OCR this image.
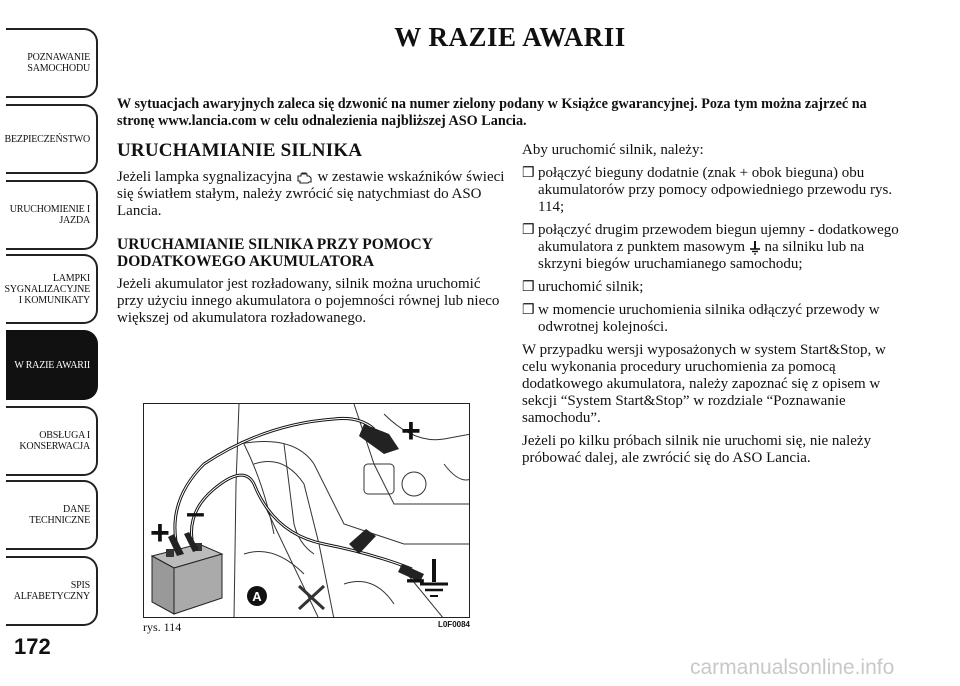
POZNAWANIE
SAMOCHODU
BEZPIECZEŃSTWO
URUCHOMIENIE I
JAZDA
LAMPKI
SYGNALIZACYJNE
I KOMUNIKATY
W RAZIE AWARII
OBSŁUGA I
KONSERWACJA
DANE
TECHNICZNE
SPIS
ALFABETYCZNY
172
W RAZIE AWARII
W sytuacjach awaryjnych zaleca się dzwonić na numer zielony podany w Książce gwarancyjnej. Poza tym można zajrzeć na stronę www.lancia.com w celu odnalezienia najbliższej ASO Lancia.
URUCHAMIANIE SILNIKA

Jeżeli lampka sygnalizacyjna w zestawie wskaźników świeci się światłem stałym, należy zwrócić się natychmiast do ASO Lancia.

URUCHAMIANIE SILNIKA PRZY POMOCY DODATKOWEGO AKUMULATORA

Jeżeli akumulator jest rozładowany, silnik można uruchomić przy użyciu innego akumulatora o pojemności równej lub nieco większej od akumulatora rozładowanego.

Aby uruchomić silnik, należy:

❒ połączyć bieguny dodatnie (znak + obok bieguna) obu akumulatorów przy pomocy odpowiedniego przewodu rys. 114;
❒ połączyć drugim przewodem biegun ujemny - dodatkowego akumulatora z punktem masowym na silniku lub na skrzyni biegów uruchamianego samochodu;
❒ uruchomić silnik;
❒ w momencie uruchomienia silnika odłączyć przewody w odwrotnej kolejności.

W przypadku wersji wyposażonych w system Start&Stop, w celu wykonania procedury uruchomienia za pomocą dodatkowego akumulatora, należy zapoznać się z opisem w sekcji “System Start&Stop” w rozdziale “Poznawanie samochodu”.

Jeżeli po kilku próbach silnik nie uruchomi się, nie należy próbować dalej, ale zwrócić się do ASO Lancia.

+
–
+
–
A
rys. 114	L0F0084
carmanualsonline.info
